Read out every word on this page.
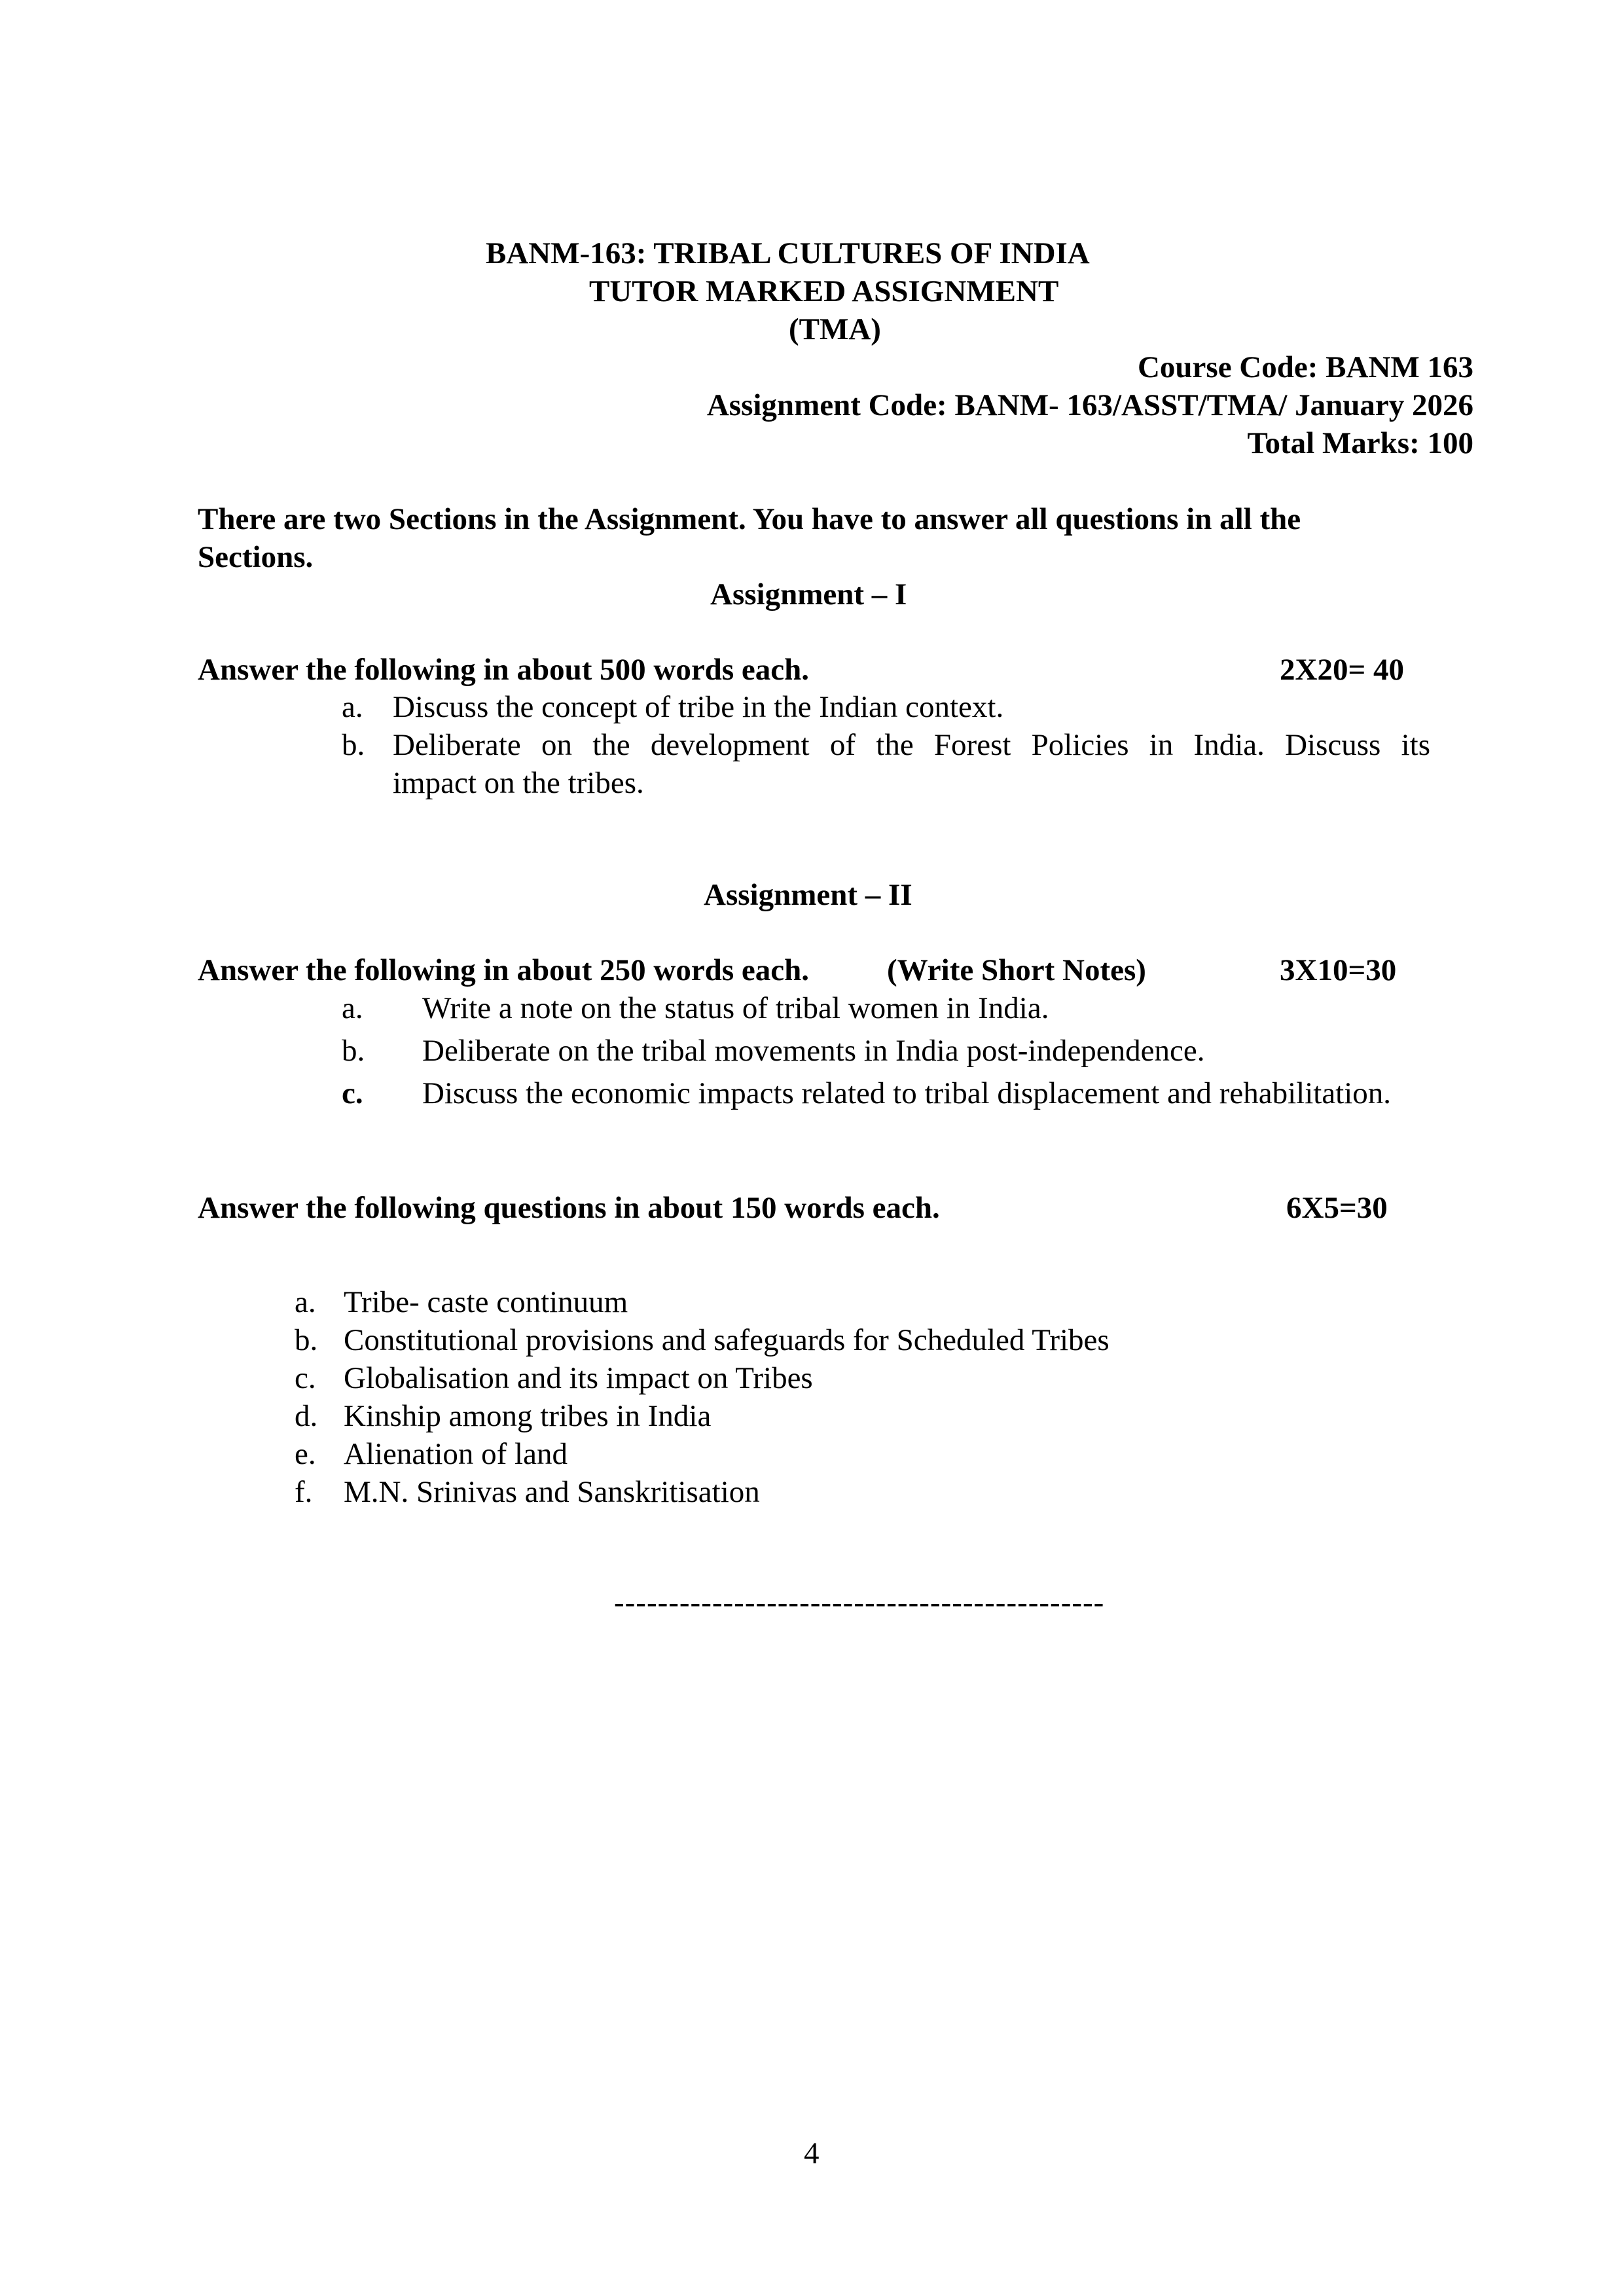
BANM-163: TRIBAL CULTURES OF INDIA
TUTOR MARKED ASSIGNMENT
(TMA)
Course Code: BANM 163
Assignment Code: BANM- 163/ASST/TMA/ January 2026
Total Marks: 100
There are two Sections in the Assignment. You have to answer all questions in all the
Sections.
Assignment – I
Answer the following in about 500 words each.	2X20= 40
a. Discuss the concept of tribe in the Indian context.
b. Deliberate on the development of the Forest Policies in India. Discuss its
impact on the tribes.
Assignment – II
Answer the following in about 250 words each.	(Write Short Notes)	3X10=30
a. Write a note on the status of tribal women in India.
b. Deliberate on the tribal movements in India post-independence.
c. Discuss the economic impacts related to tribal displacement and rehabilitation.
Answer the following questions in about 150 words each.	6X5=30
a. Tribe- caste continuum
b. Constitutional provisions and safeguards for Scheduled Tribes
c. Globalisation and its impact on Tribes
d. Kinship among tribes in India
e. Alienation of land
f. M.N. Srinivas and Sanskritisation
---------------------------------------------
4
